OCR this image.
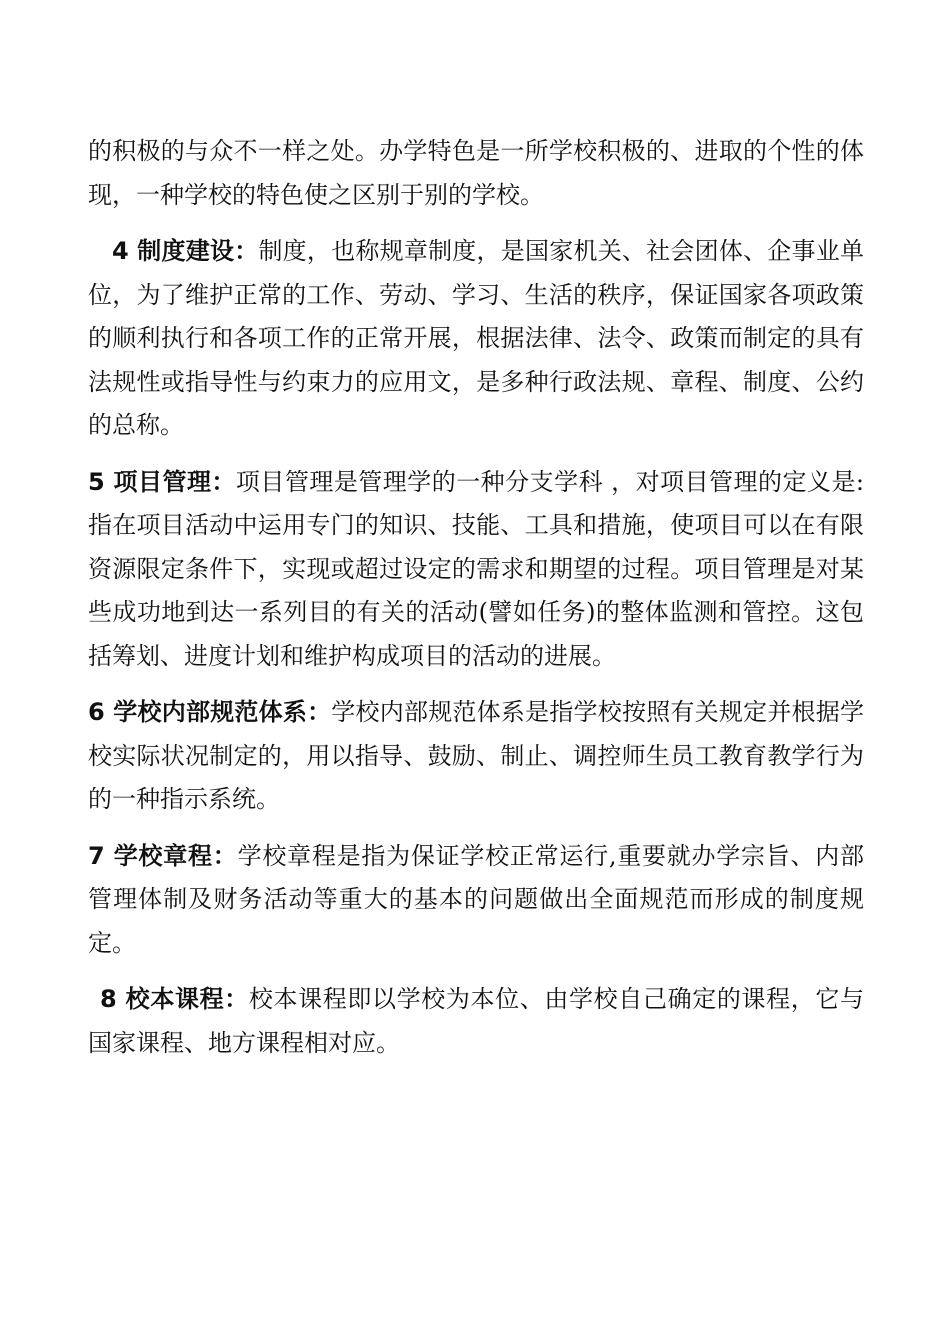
的积极的与众不一样之处。办学特色是一所学校积极的、进取的个性的体现，一种学校的特色使之区别于别的学校。

4 制度建设：制度，也称规章制度，是国家机关、社会团体、企事业单位，为了维护正常的工作、劳动、学习、生活的秩序，保证国家各项政策的顺利执行和各项工作的正常开展，根据法律、法令、政策而制定的具有法规性或指导性与约束力的应用文，是多种行政法规、章程、制度、公约的总称。

5 项目管理：项目管理是管理学的一种分支学科 ，对项目管理的定义是:指在项目活动中运用专门的知识、技能、工具和措施，使项目可以在有限资源限定条件下，实现或超过设定的需求和期望的过程。项目管理是对某些成功地到达一系列目的有关的活动(譬如任务)的整体监测和管控。这包括筹划、进度计划和维护构成项目的活动的进展。

6 学校内部规范体系：学校内部规范体系是指学校按照有关规定并根据学校实际状况制定的，用以指导、鼓励、制止、调控师生员工教育教学行为的一种指示系统。

7 学校章程：学校章程是指为保证学校正常运行,重要就办学宗旨、内部管理体制及财务活动等重大的基本的问题做出全面规范而形成的制度规定。

8 校本课程：校本课程即以学校为本位、由学校自己确定的课程，它与国家课程、地方课程相对应。
